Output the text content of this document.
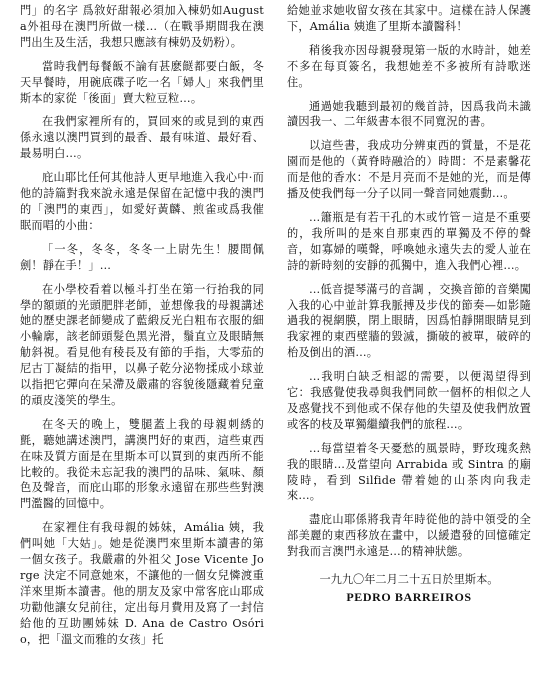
門」的名字 爲敘好甜報必須加入棟奶如Augusta外祖母在澳門所做一樣…（在戰爭期間我在澳門出生及生活，我想只應該有棟奶及奶粉）。

當時我們每餐飯不論有甚麽餸都要白飯，冬天早餐時，用碗底碟子吃一名「婦人」來我們里斯本的家從「後面」賣大粒豆粒…。

在我們家裡所有的，買回來的或見到的東西係永遠以澳門買到的最香、最有味道、最好看、最易明白…。

庇山耶比任何其他詩人更早地進入我心中·而他的詩篇對我來說永遠是保留在記憶中我的澳門的「澳門的東西」，如愛好黃麟、煎雀或爲我催眠而唱的小曲：

「一冬，冬冬，冬冬一上尉先生！腰間佩劍！靜在手！」…

在小學校看着以極斗打坐在第一行抬我的同學的額頭的光頭肥胖老師，並想像我的母親講述她的歷史課老師變成了藍緞反光白粗布衣服的細小輪廓，該老師頭髮色黑光滑，鬚直立及眼睛無觔斜視。看見他有稜長及有節的手指，大零茄的尼古丁凝結的指甲，以鼻子乾分泌物揉成小球並以指把它彈向在呆滯及嚴肅的容貌後隱藏着兒童的頑皮淺笑的學生。

在冬天的晚上，雙腿蓋上我的母親刺綉的氈，聽她講述澳門，講澳門好的東西，這些東西在味及質方面是在里斯本可以買到的東西所不能比較的。我從未忘記我的澳門的品味、氣味、顏色及聲音，而庇山耶的形象永遠留在那些些對澳門濫醫的回憶中。

在家裡住有我母親的姊妹，Amália 姨，我們叫她「大姑」。她是從澳門來里斯本讀書的第一個女孩子。我嚴肅的外祖父 Jose Vicente Jorge 決定不同意她來，不讓他的一個女兒憐渡重洋來里斯本讀書。他的朋友及家中常客庇山耶成功勸他讓女兒前往，定出每月費用及寫了一封信給他的互助團姊妹 D. Ana de Castro Osório，把「溫文而雅的女孩」托

給她並求她收留女孩在其家中。這樣在詩人保護下，Amália 姨進了里斯本讀醫科！

稍後我亦因母親發現第一版的水時計，她差不多在每頁簽名，我想她差不多被所有詩歌迷住。

通過她我聽到最初的幾首詩，因爲我尚未識讀因我一、二年級書本很不同寬況的書。

以這些書，我成功分辨東西的質量，不是花園而是他的（黃脊時融洽的）時間：不是素馨花而是他的香水：不是月亮而不是她的光，而是傳播及使我們每一分子以同一聲音同她震動…。

…簫瓶是有若干孔的木或竹管－這是不重要的，我所叫的是來自那東西的單獨及不停的聲音，如寡婦的嘆聲，呼喚她永遠失去的愛人並在詩的新時刻的安靜的孤獨中，進入我們心裡…。

…低音提琴滿弓的音調 ，交換音節的音樂闖入我的心中並計算我脈搏及步伐的節奏—如影隨過我的視網膜，閉上眼睛，因爲怕靜開眼睛見到我家裡的東西壁牆的毀滅，撕破的被單，破碎的枱及倒出的酒…。

…我明白缺乏相認的需要，以便渴望得到它：我感覺使我尋與我們同飲一個杯的相似之人及惑覺找不到他或不保存他的失望及使我們放置或客的枝及單獨繼續我們的旅程…。

…每當望着冬天憂愁的風景時，野玫瑰炙熱我的眼睛…及當望向 Arrabida 或 Sintra 的廟陵時，看到 Silfide 帶着她的山茶肉向我走來…。

盡庇山耶係將我青年時從他的詩中領受的全部美麗的東西移放在畫中，以緩遣發的回憶確定對我而言澳門永遠是…的精神狀態。

一九九〇年二月二十五日於里斯本。

PEDRO BARREIROS
